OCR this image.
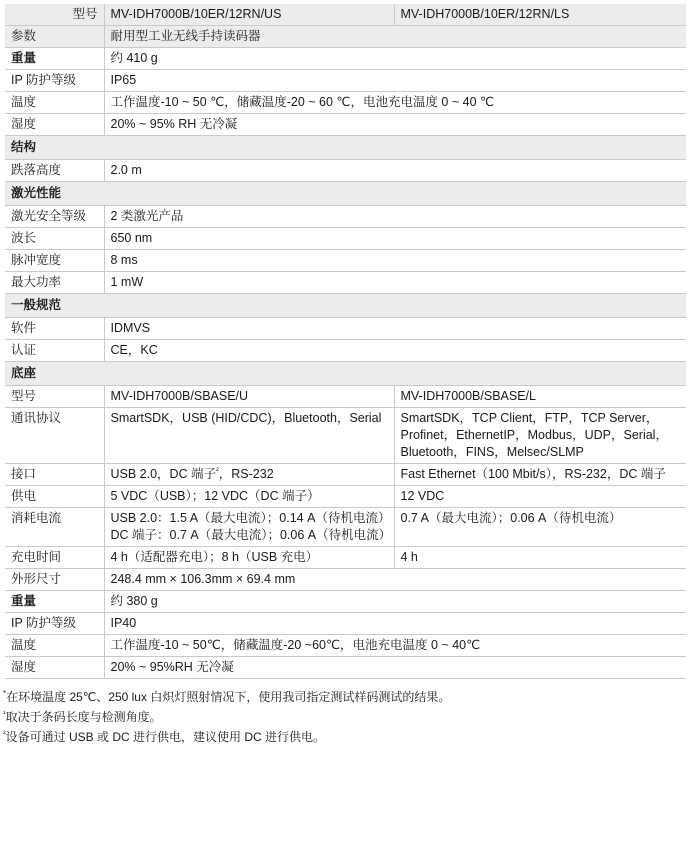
型号	MV-IDH7000B/10ER/12RN/US	MV-IDH7000B/10ER/12RN/LS
参数	耐用型工业无线手持读码器	
重量	约 410 g	
IP 防护等级	IP65	
温度	工作温度-10 ~ 50 ℃，储藏温度-20 ~ 60 ℃，电池充电温度 0 ~ 40 ℃	
湿度	20% ~ 95% RH 无冷凝	
结构		
跌落高度	2.0 m	
激光性能		
激光安全等级	2 类激光产品	
波长	650 nm	
脉冲宽度	8 ms	
最大功率	1 mW	
一般规范		
软件	IDMVS	
认证	CE，KC	
底座		
型号	MV-IDH7000B/SBASE/U	MV-IDH7000B/SBASE/L
通讯协议	SmartSDK，USB (HID/CDC)，Bluetooth，Serial	SmartSDK，TCP Client，FTP，TCP Server，Profinet，EthernetIP，Modbus，UDP，Serial，Bluetooth，FINS，Melsec/SLMP
接口	USB 2.0，DC 端子$^{^2}$，RS-232	Fast Ethernet（100 Mbit/s），RS-232，DC 端子
供电	5 VDC（USB）；12 VDC（DC 端子）	12 VDC
消耗电流	USB 2.0：1.5 A（最大电流）；0.14 A（待机电流）DC 端子：0.7 A（最大电流）；0.06 A（待机电流）	0.7 A（最大电流）；0.06 A（待机电流）
充电时间	4 h（适配器充电）；8 h（USB 充电）	4 h
外形尺寸	248.4 mm × 106.3mm × 69.4 mm	
重量	约 380 g	
IP 防护等级	IP40	
温度	工作温度-10 ~ 50℃，储藏温度-20 ~60℃，电池充电温度 0 ~ 40℃	
湿度	20% ~ 95%RH 无冷凝	
*在环境温度 25℃、250 lux 白炽灯照射情况下，使用我司指定测试样码测试的结果。
$^{^1}$取决于条码长度与检测角度。
$^{^2}$设备可通过 USB 或 DC 进行供电，建议使用 DC 进行供电。
